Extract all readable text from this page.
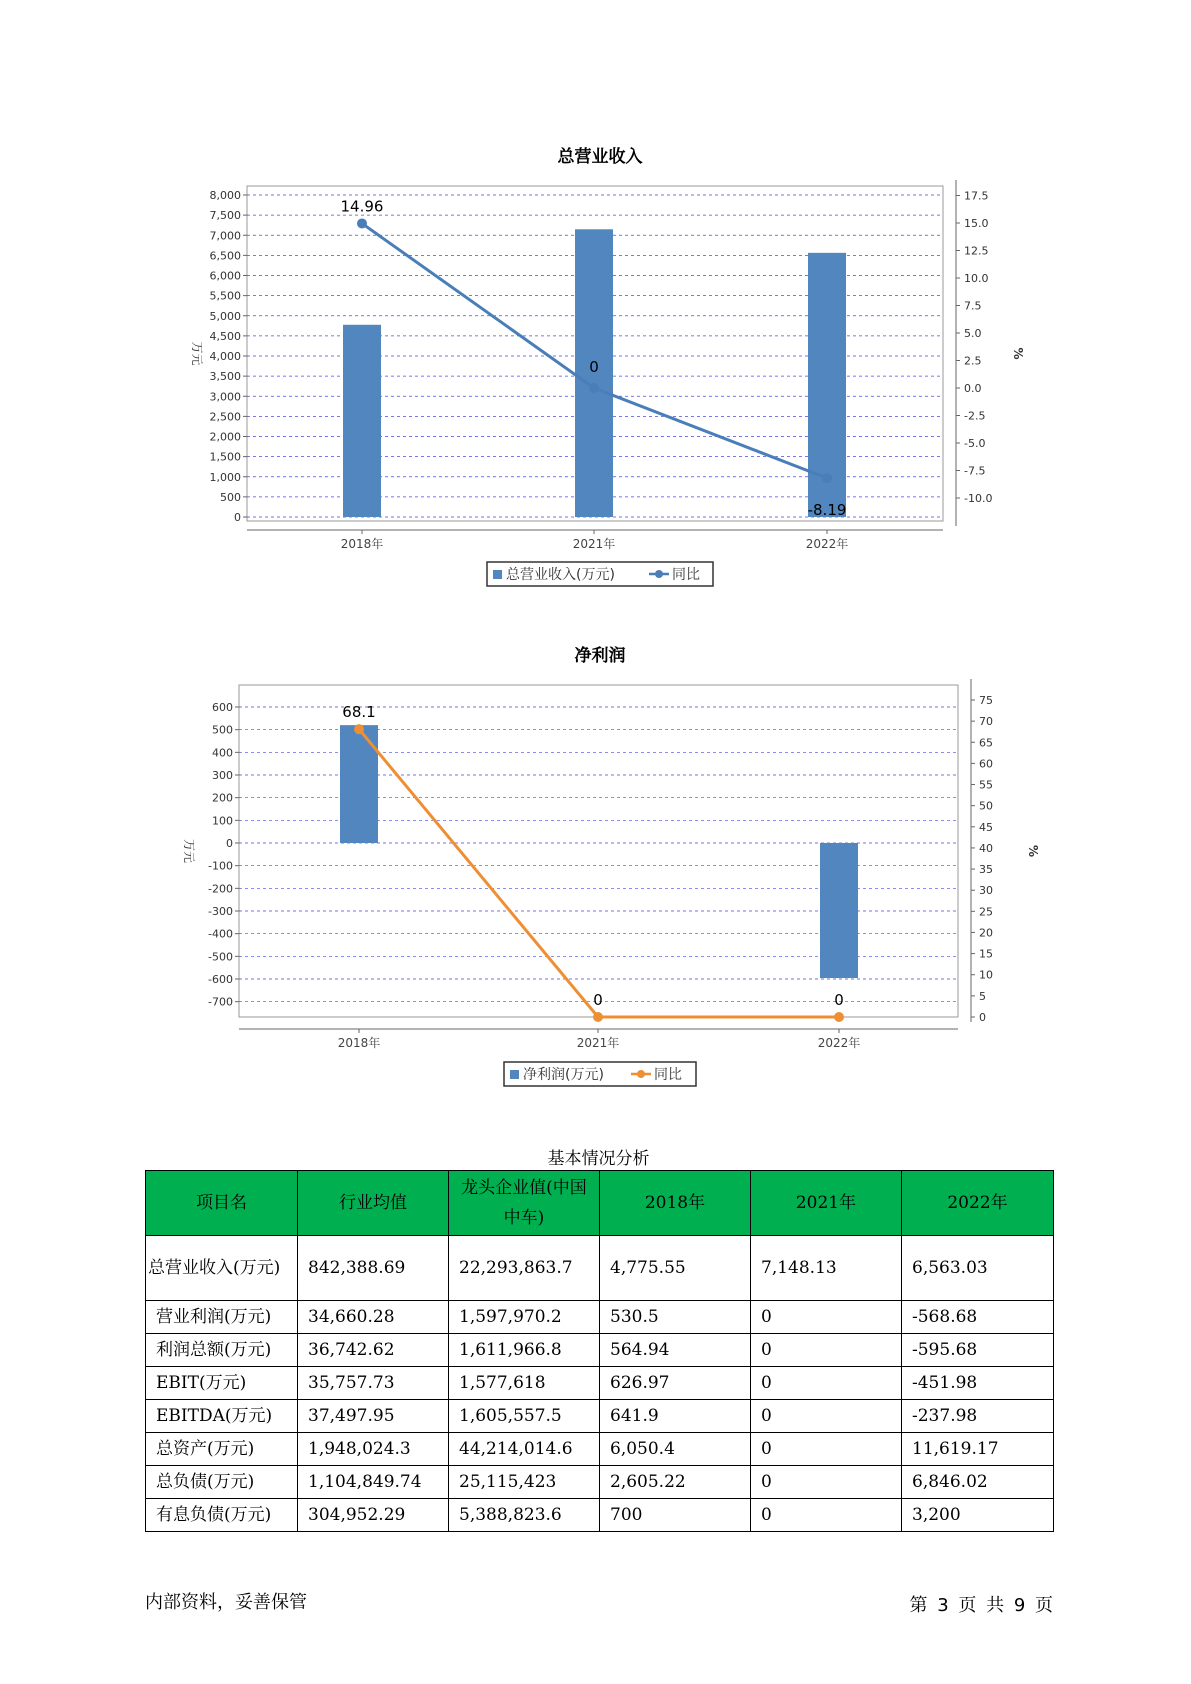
总营业收入
8,000
7,500
7,000
6,500
6,000
5,500
5,000
4,500
4,000
3,500
3,000
2,500
2,000
1,500
1,000
500
0
17.5
15.0
12.5
10.0
7.5
5.0
2.5
0.0
-2.5
-5.0
-7.5
-10.0
2018年	2021年	2022年
万元	%
14.96
0
-8.19
总营业收入(万元)	同比
净利润
600
500
400
300
200
100
0
-100
-200
-300
-400
-500
-600
-700
75
70
65
60
55
50
45
40
35
30
25
20
15
10
5
0
2018年	2021年	2022年
万元	%
68.1
0	0
净利润(万元)	同比
基本情况分析
项目名	行业均值	龙头企业值(中国中车)	2018年	2021年	2022年
总营业收入(万元)	842,388.69	22,293,863.7	4,775.55	7,148.13	6,563.03
营业利润(万元)	34,660.28	1,597,970.2	530.5	0	-568.68
利润总额(万元)	36,742.62	1,611,966.8	564.94	0	-595.68
EBIT(万元)	35,757.73	1,577,618	626.97	0	-451.98
EBITDA(万元)	37,497.95	1,605,557.5	641.9	0	-237.98
总资产(万元)	1,948,024.3	44,214,014.6	6,050.4	0	11,619.17
总负债(万元)	1,104,849.74	25,115,423	2,605.22	0	6,846.02
有息负债(万元)	304,952.29	5,388,823.6	700	0	3,200
内部资料，妥善保管	第 3 页 共 9 页
